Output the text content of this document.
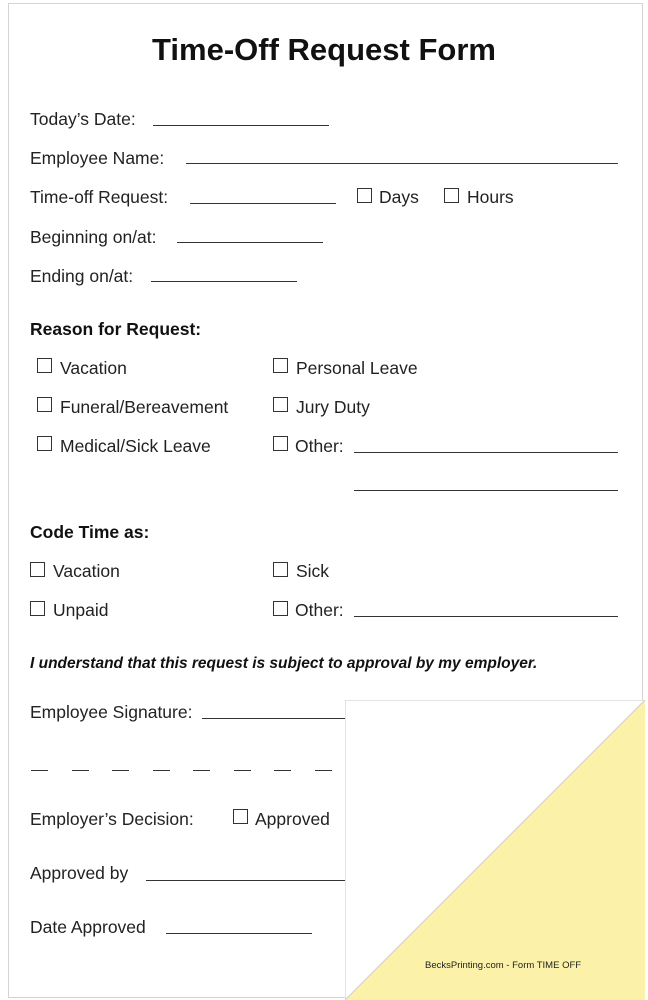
Time-Off Request Form
Today’s Date:
Employee Name:
Time-off Request:	Days	Hours
Beginning on/at:
Ending on/at:
Reason for Request:
Vacation	Personal Leave
Funeral/Bereavement	Jury Duty
Medical/Sick Leave	Other:
Code Time as:
Vacation	Sick
Unpaid	Other:
I understand that this request is subject to approval by my employer.
Employee Signature:
Employer’s Decision:	Approved
Approved by
Date Approved
BecksPrinting.com - Form TIME OFF
